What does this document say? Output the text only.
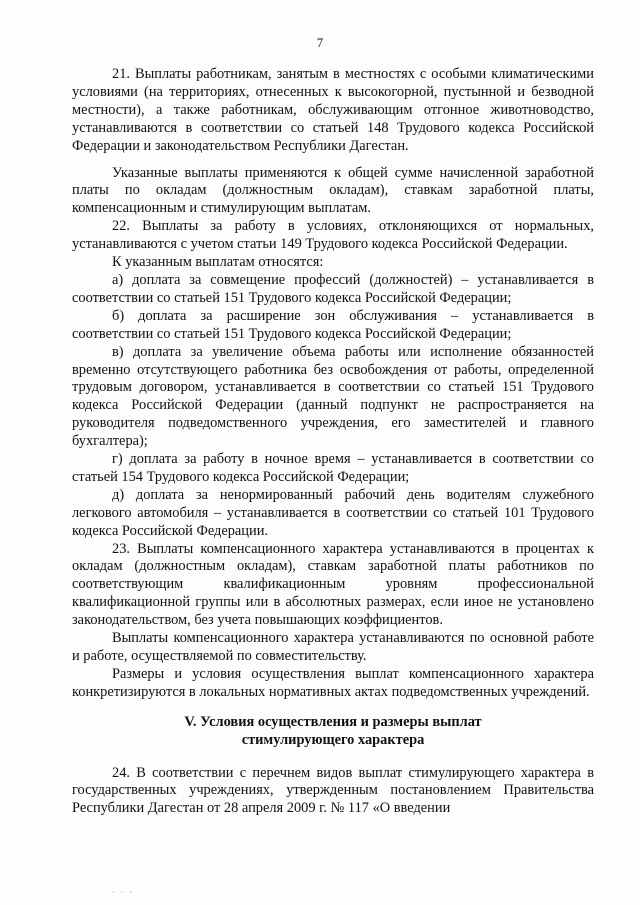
7

21. Выплаты работникам, занятым в местностях с особыми климатическими условиями (на территориях, отнесенных к высокогорной, пустынной и безводной местности), а также работникам, обслуживающим отгонное животноводство, устанавливаются в соответствии со статьей 148 Трудового кодекса Российской Федерации и законодательством Республики Дагестан.

Указанные выплаты применяются к общей сумме начисленной заработной платы по окладам (должностным окладам), ставкам заработной платы, компенсационным и стимулирующим выплатам.

22. Выплаты за работу в условиях, отклоняющихся от нормальных, устанавливаются с учетом статьи 149 Трудового кодекса Российской Федерации.

К указанным выплатам относятся:

а) доплата за совмещение профессий (должностей) – устанавливается в соответствии со статьей 151 Трудового кодекса Российской Федерации;

б) доплата за расширение зон обслуживания – устанавливается в соответствии со статьей 151 Трудового кодекса Российской Федерации;

в) доплата за увеличение объема работы или исполнение обязанностей временно отсутствующего работника без освобождения от работы, определенной трудовым договором, устанавливается в соответствии со статьей 151 Трудового кодекса Российской Федерации (данный подпункт не распространяется на руководителя подведомственного учреждения, его заместителей и главного бухгалтера);

г) доплата за работу в ночное время – устанавливается в соответствии со статьей 154 Трудового кодекса Российской Федерации;

д) доплата за ненормированный рабочий день водителям служебного легкового автомобиля – устанавливается в соответствии со статьей 101 Трудового кодекса Российской Федерации.

23. Выплаты компенсационного характера устанавливаются в процентах к окладам (должностным окладам), ставкам заработной платы работников по соответствующим квалификационным уровням профессиональной квалификационной группы или в абсолютных размерах, если иное не установлено законодательством, без учета повышающих коэффициентов.

Выплаты компенсационного характера устанавливаются по основной работе и работе, осуществляемой по совместительству.

Размеры и условия осуществления выплат компенсационного характера конкретизируются в локальных нормативных актах подведомственных учреждений.

V. Условия осуществления и размеры выплат
стимулирующего характера

24. В соответствии с перечнем видов выплат стимулирующего характера в государственных учреждениях, утвержденным постановлением Правительства Республики Дагестан от 28 апреля 2009 г. № 117 «О введении

· · ·
